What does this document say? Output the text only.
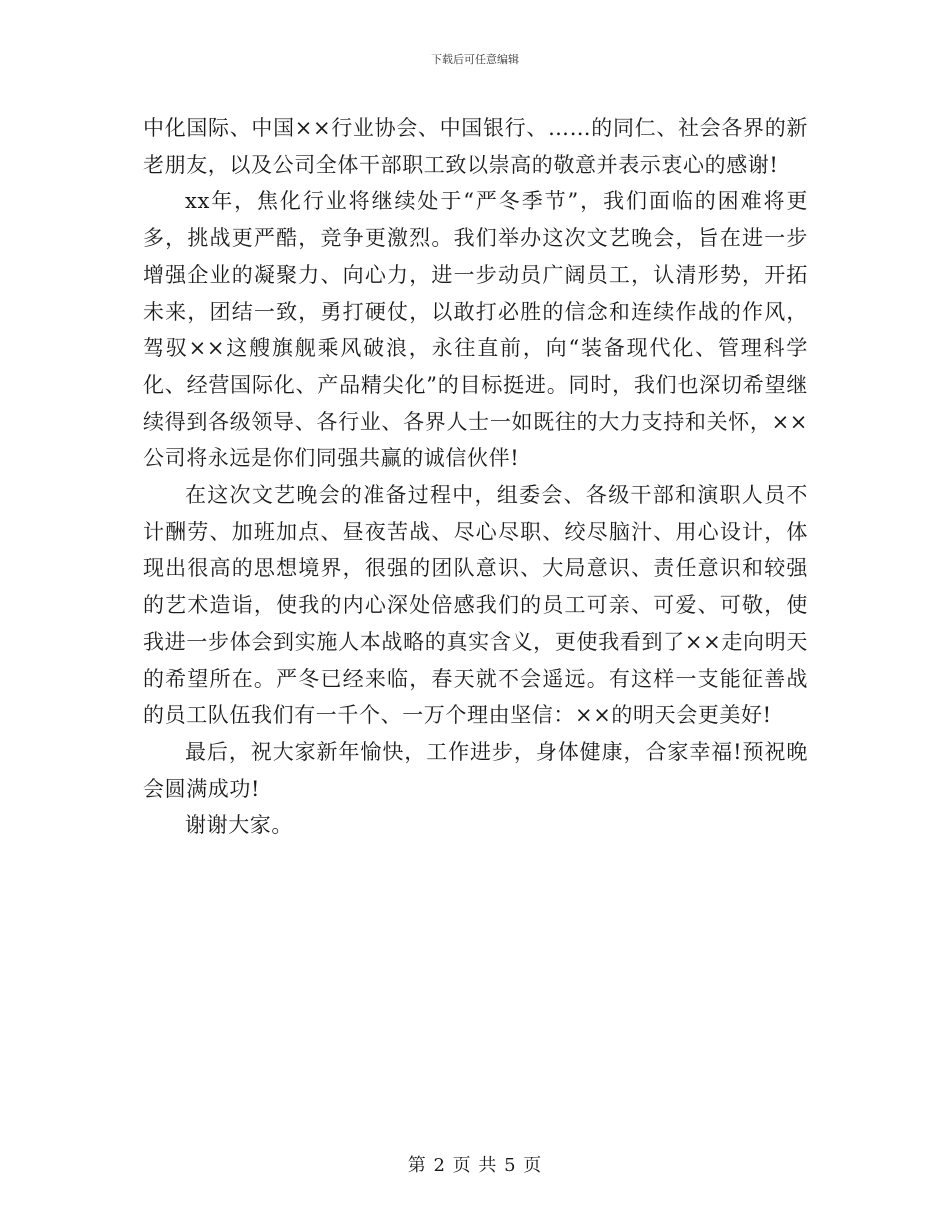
下载后可任意编辑

中化国际、中国××行业协会、中国银行、……的同仁、社会各界的新老朋友，以及公司全体干部职工致以崇高的敬意并表示衷心的感谢!

xx年，焦化行业将继续处于“严冬季节”，我们面临的困难将更多，挑战更严酷，竞争更激烈。我们举办这次文艺晚会，旨在进一步增强企业的凝聚力、向心力，进一步动员广阔员工，认清形势，开拓未来，团结一致，勇打硬仗，以敢打必胜的信念和连续作战的作风，驾驭××这艘旗舰乘风破浪，永往直前，向“装备现代化、管理科学化、经营国际化、产品精尖化”的目标挺进。同时，我们也深切希望继续得到各级领导、各行业、各界人士一如既往的大力支持和关怀，××公司将永远是你们同强共赢的诚信伙伴!

在这次文艺晚会的准备过程中，组委会、各级干部和演职人员不计酬劳、加班加点、昼夜苦战、尽心尽职、绞尽脑汁、用心设计，体现出很高的思想境界，很强的团队意识、大局意识、责任意识和较强的艺术造诣，使我的内心深处倍感我们的员工可亲、可爱、可敬，使我进一步体会到实施人本战略的真实含义，更使我看到了××走向明天的希望所在。严冬已经来临，春天就不会遥远。有这样一支能征善战的员工队伍我们有一千个、一万个理由坚信：××的明天会更美好!

最后，祝大家新年愉快，工作进步，身体健康，合家幸福!预祝晚会圆满成功!

谢谢大家。

第 2 页 共 5 页
